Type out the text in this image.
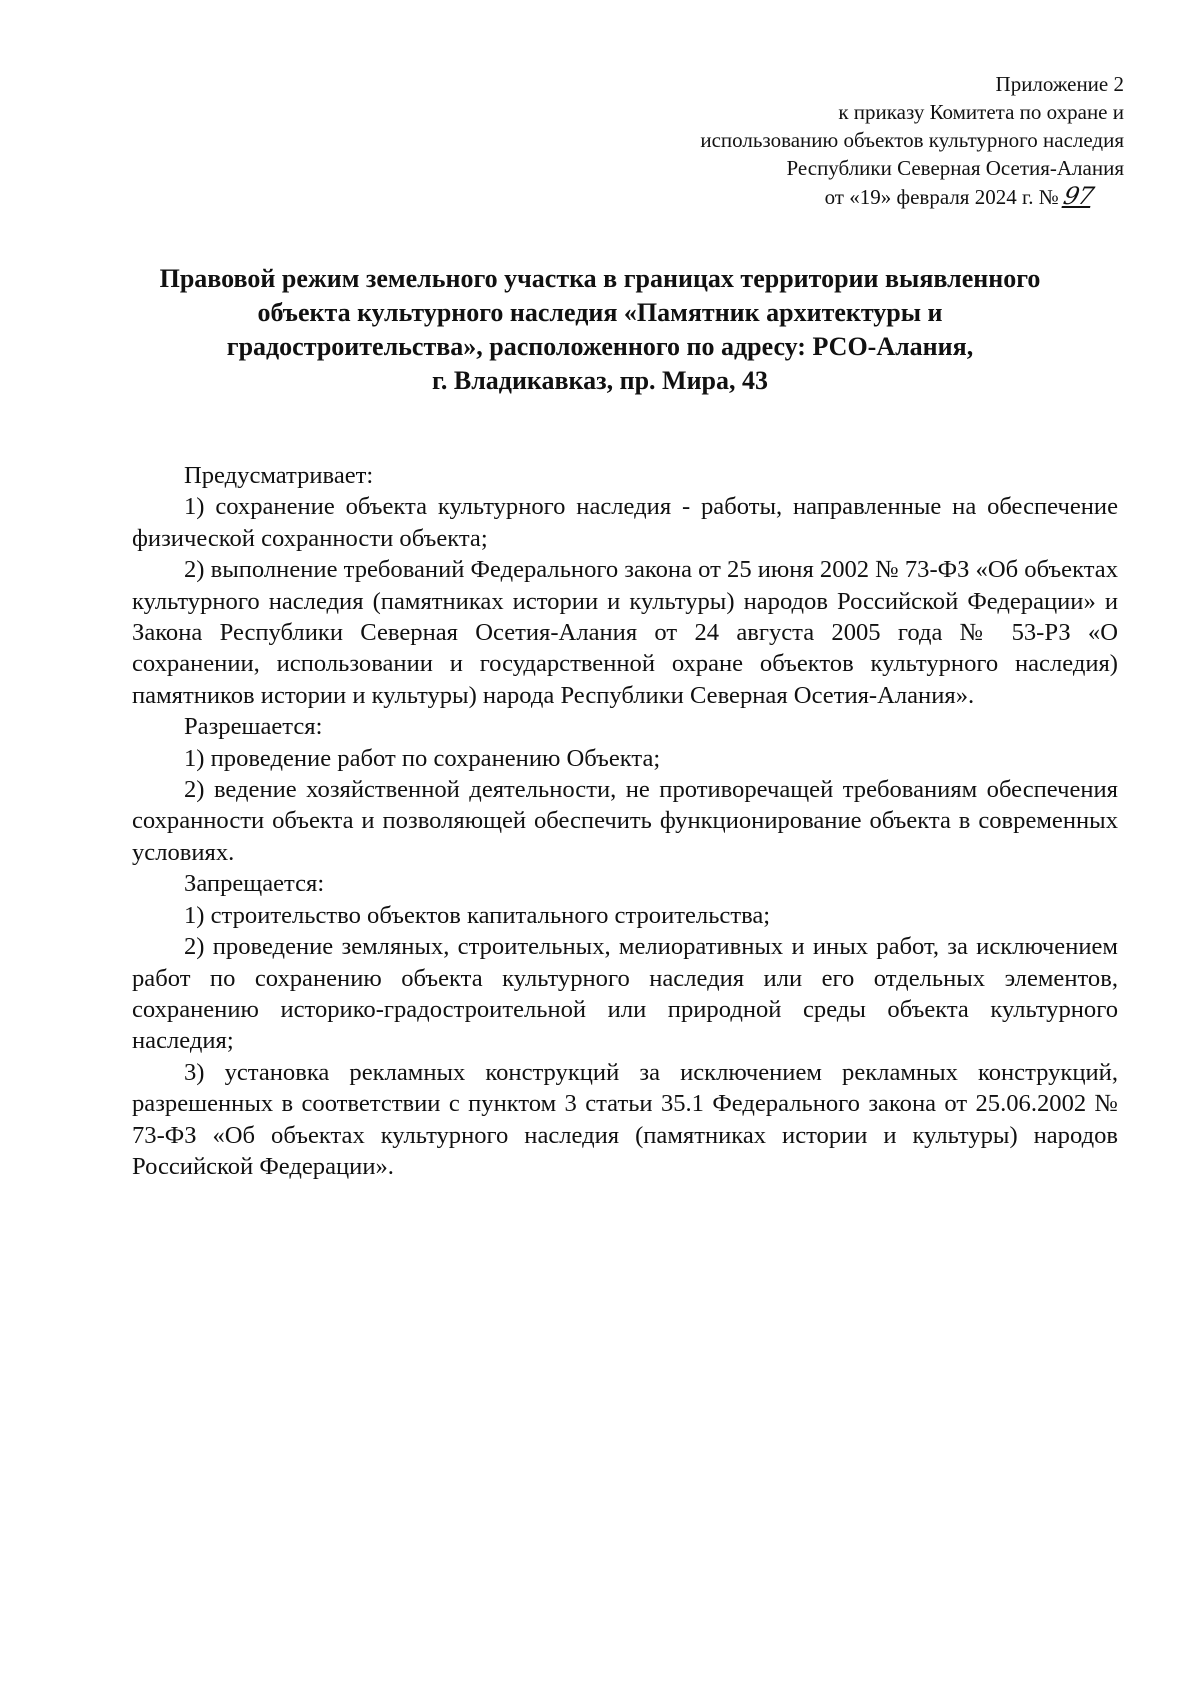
Приложение 2
к приказу Комитета по охране и
использованию объектов культурного наследия
Республики Северная Осетия-Алания
от «19» февраля 2024 г. № 97
Правовой режим земельного участка в границах территории выявленного
объекта культурного наследия «Памятник архитектуры и
градостроительства», расположенного по адресу: РСО-Алания,
г. Владикавказ, пр. Мира, 43

Предусматривает:

1) сохранение объекта культурного наследия - работы, направленные на обеспечение физической сохранности объекта;

2) выполнение требований Федерального закона от 25 июня 2002 № 73-ФЗ «Об объектах культурного наследия (памятниках истории и культуры) народов Российской Федерации» и Закона Республики Северная Осетия-Алания от 24 августа 2005 года № 53-РЗ «О сохранении, использовании и государственной охране объектов культурного наследия) памятников истории и культуры) народа Республики Северная Осетия-Алания».

Разрешается:

1) проведение работ по сохранению Объекта;

2) ведение хозяйственной деятельности, не противоречащей требованиям обеспечения сохранности объекта и позволяющей обеспечить функционирование объекта в современных условиях.

Запрещается:

1) строительство объектов капитального строительства;

2) проведение земляных, строительных, мелиоративных и иных работ, за исключением работ по сохранению объекта культурного наследия или его отдельных элементов, сохранению историко-градостроительной или природной среды объекта культурного наследия;

3) установка рекламных конструкций за исключением рекламных конструкций, разрешенных в соответствии с пунктом 3 статьи 35.1 Федерального закона от 25.06.2002 № 73-ФЗ «Об объектах культурного наследия (памятниках истории и культуры) народов Российской Федерации».
